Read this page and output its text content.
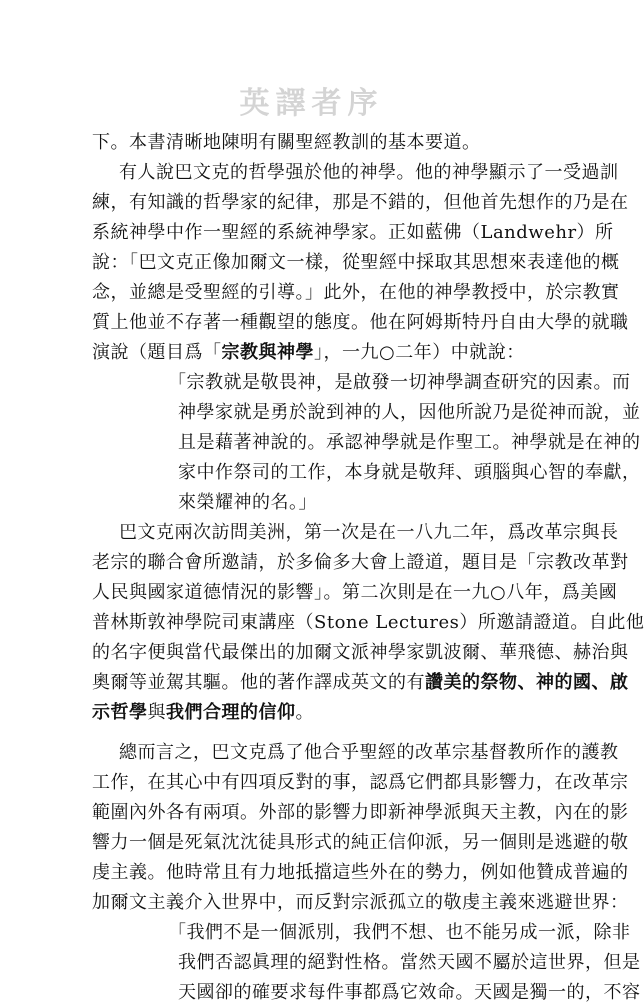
英譯者序
下。本書清晰地陳明有關聖經教訓的基本要道。
有人說巴文克的哲學强於他的神學。他的神學顯示了一受過訓
練，有知識的哲學家的紀律，那是不錯的，但他首先想作的乃是在
系統神學中作一聖經的系統神學家。正如藍佛（Landwehr）所
說：「巴文克正像加爾文一樣，從聖經中採取其思想來表達他的概
念，並總是受聖經的引導。」此外，在他的神學教授中，於宗教實
質上他並不存著一種觀望的態度。他在阿姆斯特丹自由大學的就職
演說（題目爲「宗教與神學」，一九○二年）中就說：
「宗教就是敬畏神，是啟發一切神學調查研究的因素。而
神學家就是勇於說到神的人，因他所說乃是從神而說，並
且是藉著神說的。承認神學就是作聖工。神學就是在神的
家中作祭司的工作，本身就是敬拜、頭腦與心智的奉獻，
來榮耀神的名。」
巴文克兩次訪問美洲，第一次是在一八九二年，爲改革宗與長
老宗的聯合會所邀請，於多倫多大會上證道，題目是「宗教改革對
人民與國家道德情況的影響」。第二次則是在一九○八年，爲美國
普林斯敦神學院司東講座（Stone Lectures）所邀請證道。自此他
的名字便與當代最傑出的加爾文派神學家凱波爾、華飛德、赫治與
奧爾等並駕其驅。他的著作譯成英文的有讚美的祭物、神的國、啟
示哲學與我們合理的信仰。
總而言之，巴文克爲了他合乎聖經的改革宗基督教所作的護教
工作，在其心中有四項反對的事，認爲它們都具影響力，在改革宗
範圍內外各有兩項。外部的影響力即新神學派與天主教，內在的影
響力一個是死氣沈沈徒具形式的純正信仰派，另一個則是逃避的敬
虔主義。他時常且有力地抵擋這些外在的勢力，例如他贊成普遍的
加爾文主義介入世界中，而反對宗派孤立的敬虔主義來逃避世界：
「我們不是一個派別，我們不想、也不能另成一派，除非
我們否認眞理的絕對性格。當然天國不屬於這世界，但是
天國卻的確要求每件事都爲它效命。天國是獨一的，不容
